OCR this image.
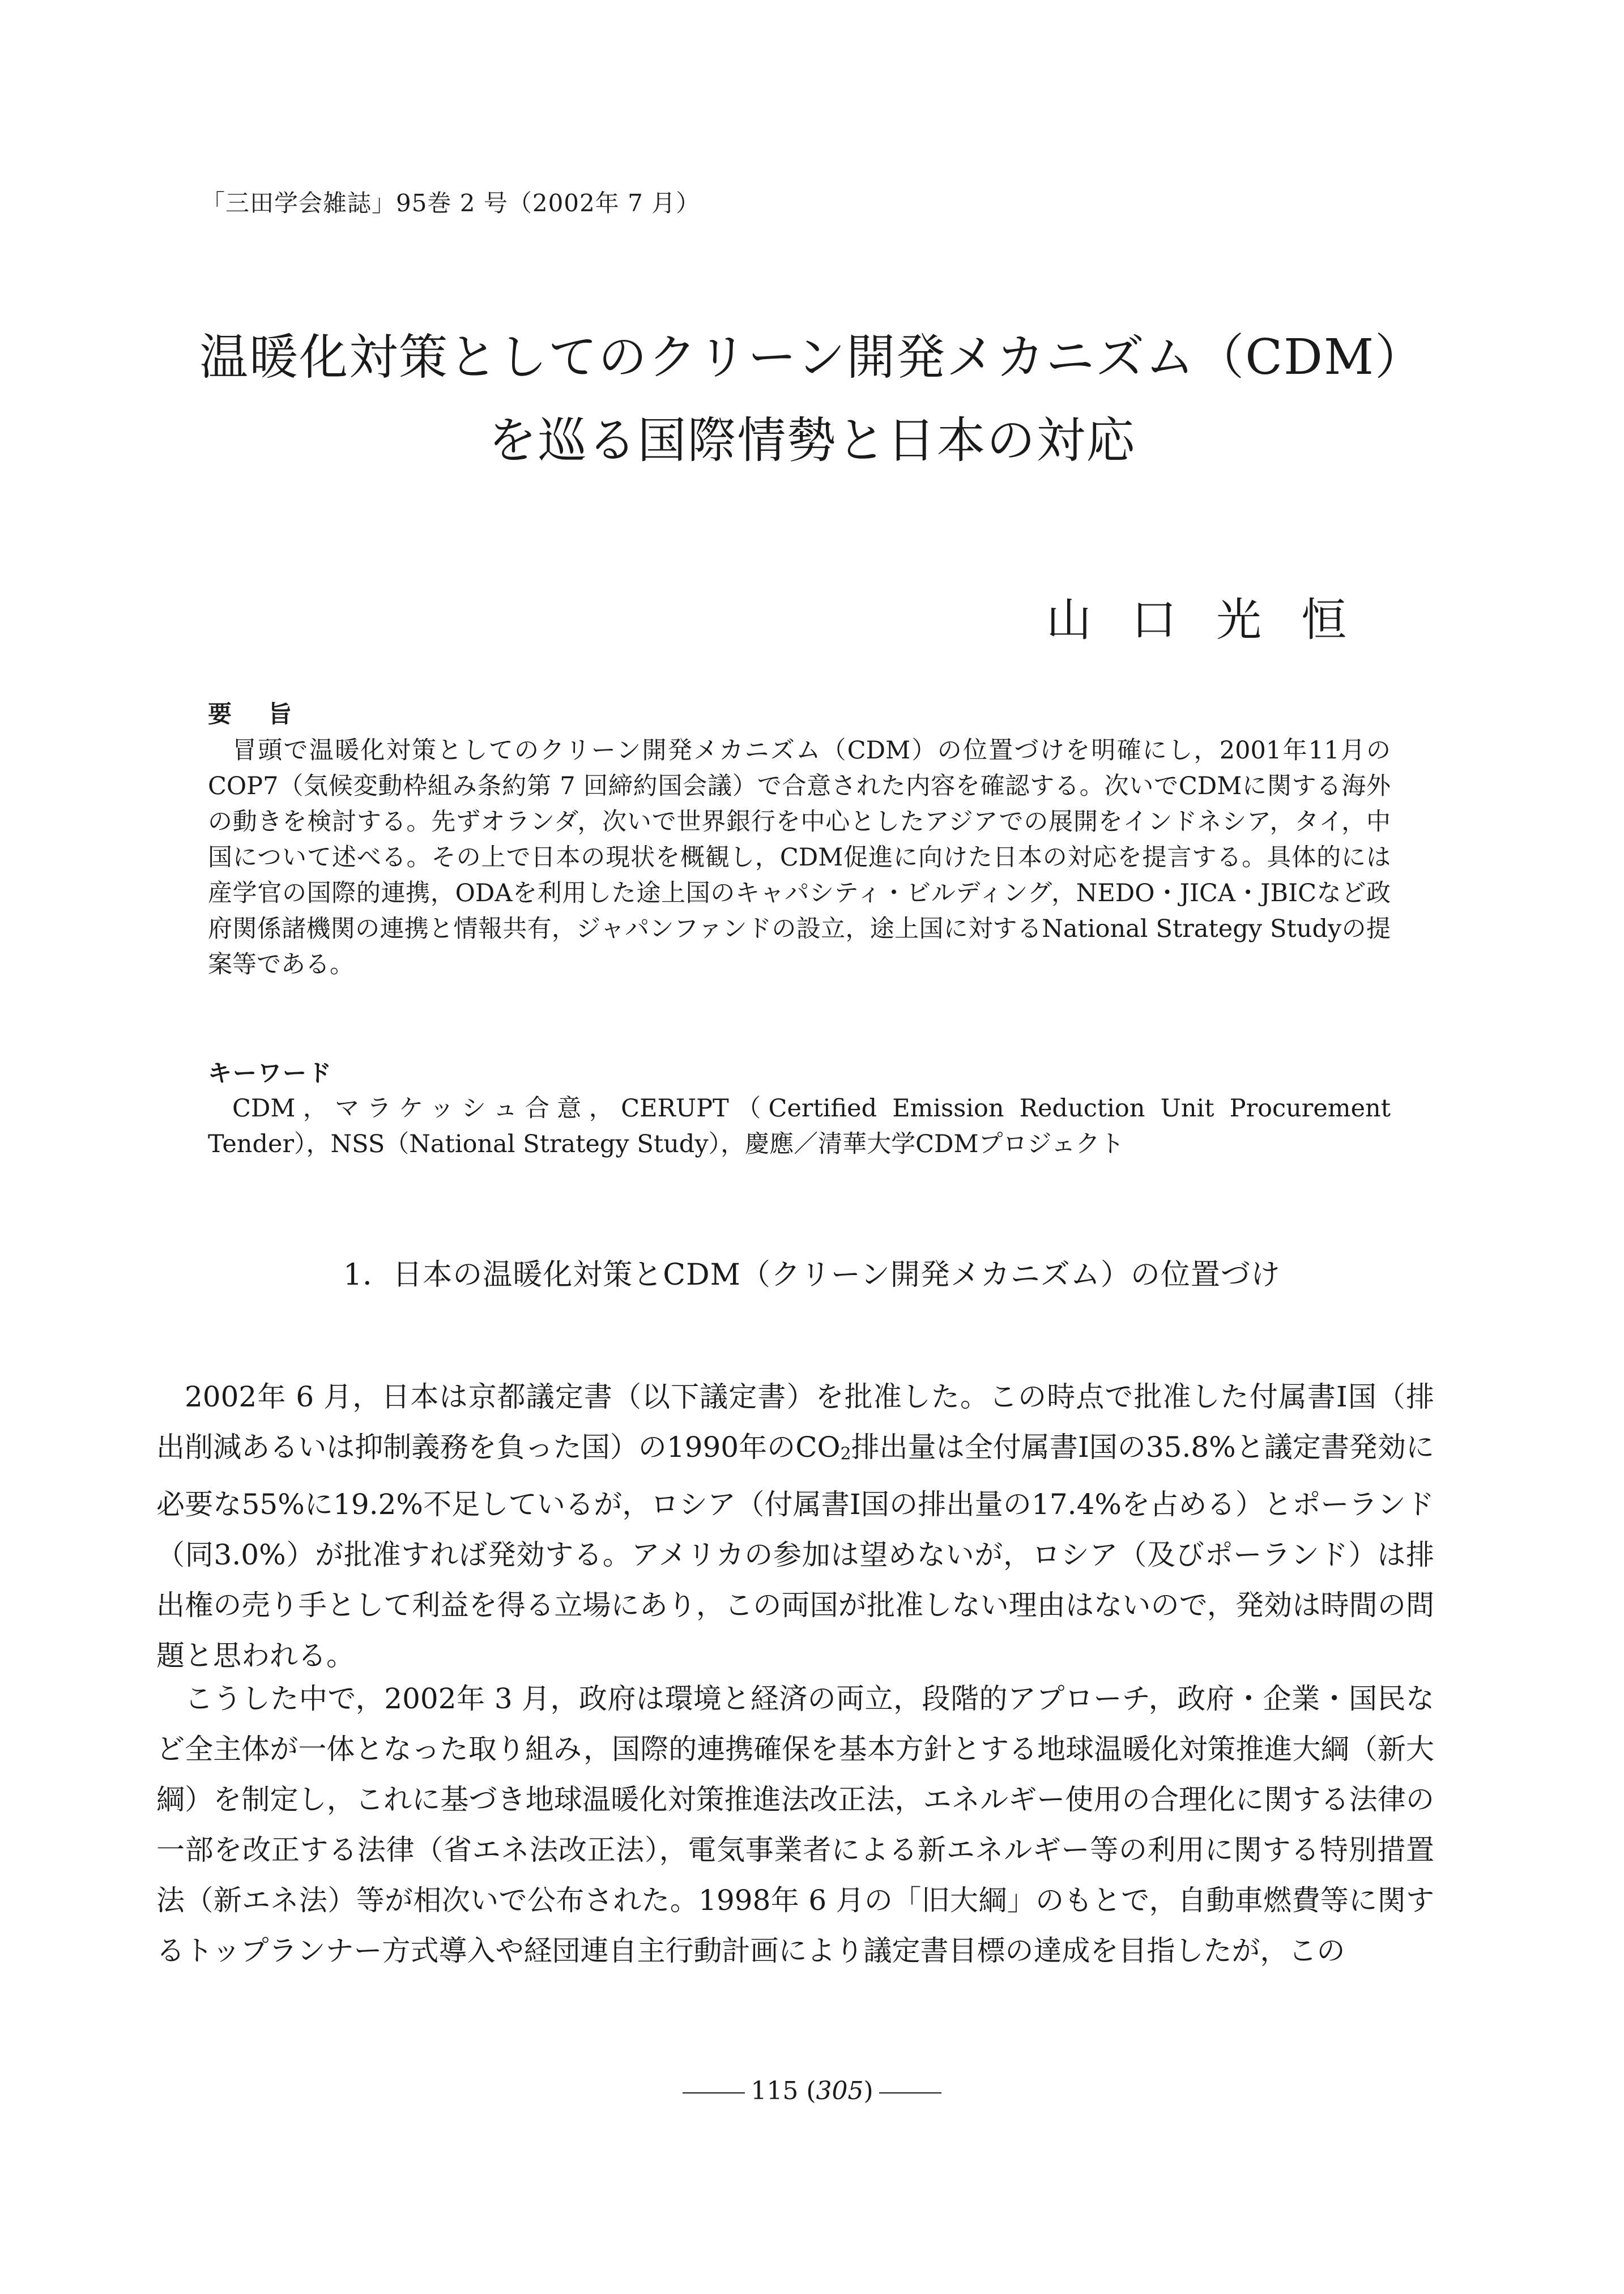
「三田学会雑誌」95巻 2 号（2002年 7 月）
温暖化対策としてのクリーン開発メカニズム（CDM）
を巡る国際情勢と日本の対応
山口光恒
要旨

冒頭で温暖化対策としてのクリーン開発メカニズム（CDM）の位置づけを明確にし，2001年11月のCOP7（気候変動枠組み条約第 7 回締約国会議）で合意された内容を確認する。次いでCDMに関する海外の動きを検討する。先ずオランダ，次いで世界銀行を中心としたアジアでの展開をインドネシア，タイ，中国について述べる。その上で日本の現状を概観し，CDM促進に向けた日本の対応を提言する。具体的には産学官の国際的連携，ODAを利用した途上国のキャパシティ・ビルディング，NEDO・JICA・JBICなど政府関係諸機関の連携と情報共有，ジャパンファンドの設立，途上国に対するNational Strategy Studyの提案等である。

キーワード

CDM，マラケッシュ合意，CERUPT（Certified Emission Reduction Unit Procurement Tender），NSS（National Strategy Study），慶應／清華大学CDMプロジェクト

1．日本の温暖化対策とCDM（クリーン開発メカニズム）の位置づけ

2002年 6 月，日本は京都議定書（以下議定書）を批准した。この時点で批准した付属書Ⅰ国（排出削減あるいは抑制義務を負った国）の1990年の$CO_2$排出量は全付属書Ⅰ国の35.8%と議定書発効に必要な55%に19.2%不足しているが，ロシア（付属書Ⅰ国の排出量の17.4%を占める）とポーランド（同3.0%）が批准すれば発効する。アメリカの参加は望めないが，ロシア（及びポーランド）は排出権の売り手として利益を得る立場にあり，この両国が批准しない理由はないので，発効は時間の問題と思われる。

こうした中で，2002年 3 月，政府は環境と経済の両立，段階的アプローチ，政府・企業・国民など全主体が一体となった取り組み，国際的連携確保を基本方針とする地球温暖化対策推進大綱（新大綱）を制定し，これに基づき地球温暖化対策推進法改正法，エネルギー使用の合理化に関する法律の一部を改正する法律（省エネ法改正法），電気事業者による新エネルギー等の利用に関する特別措置法（新エネ法）等が相次いで公布された。1998年 6 月の「旧大綱」のもとで，自動車燃費等に関するトップランナー方式導入や経団連自主行動計画により議定書目標の達成を目指したが，この

115 (305)
